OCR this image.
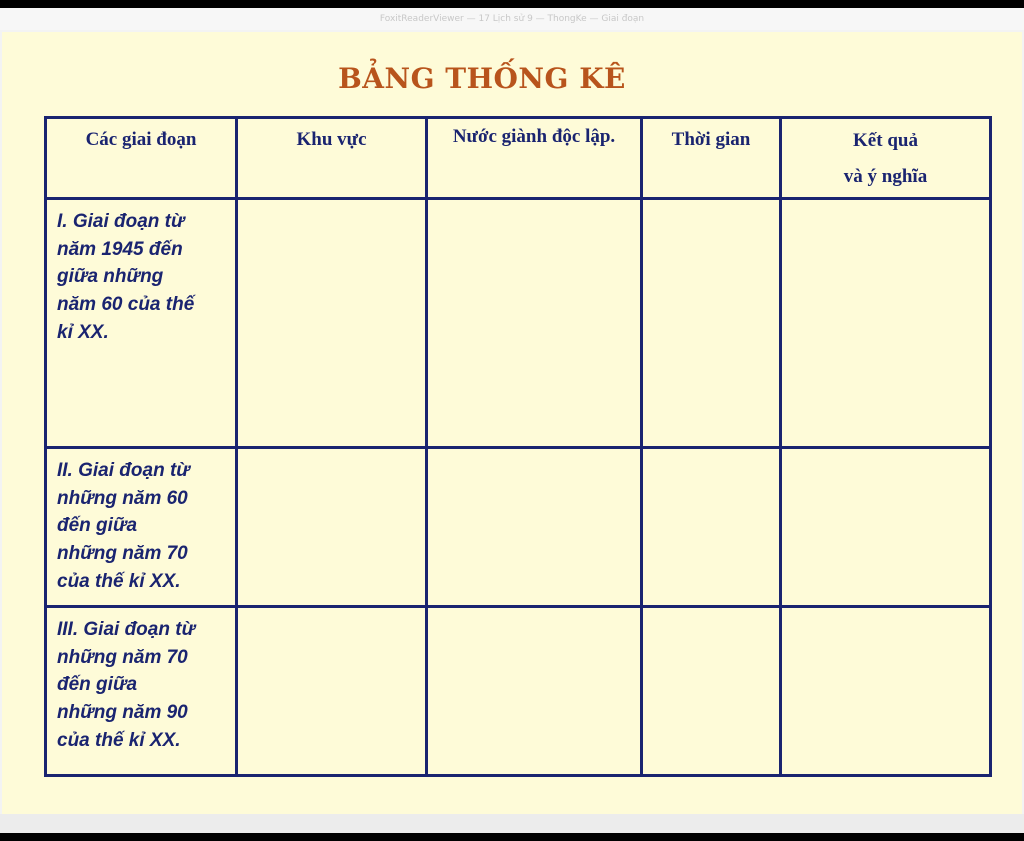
FoxitReaderViewer — 17 Lịch sử 9 — ThongKe — Giai đoạn
BẢNG THỐNG KÊ
Các giai đoạn	Khu vực	Nước giành độc lập.	Thời gian	Kết quả
và ý nghĩa

I. Giai đoạn từ
năm 1945 đến
giữa những
năm 60 của thế
kỉ XX.				

II. Giai đoạn từ
những năm 60
đến giữa
những năm 70
của thế kỉ XX.				

III. Giai đoạn từ
những năm 70
đến giữa
những năm 90
của thế kỉ XX.				
